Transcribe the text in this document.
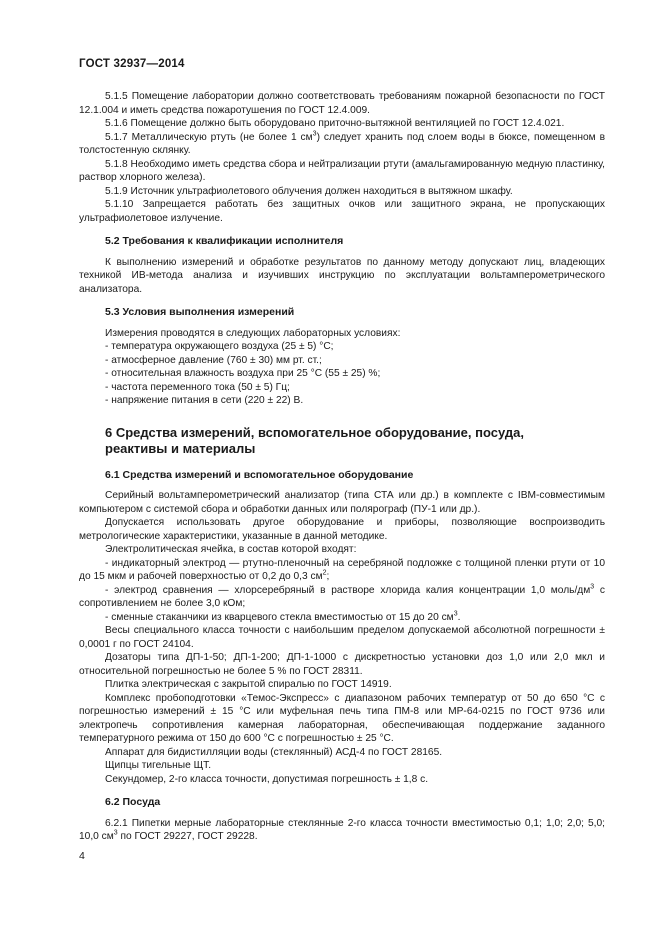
ГОСТ 32937—2014

5.1.5 Помещение лаборатории должно соответствовать требованиям пожарной безопасности по ГОСТ 12.1.004 и иметь средства пожаротушения по ГОСТ 12.4.009.

5.1.6 Помещение должно быть оборудовано приточно-вытяжной вентиляцией по ГОСТ 12.4.021.

5.1.7 Металлическую ртуть (не более 1 $см^3$) следует хранить под слоем воды в бюксе, помещенном в толстостенную склянку.

5.1.8 Необходимо иметь средства сбора и нейтрализации ртути (амальгамированную медную пластинку, раствор хлорного железа).

5.1.9 Источник ультрафиолетового облучения должен находиться в вытяжном шкафу.

5.1.10 Запрещается работать без защитных очков или защитного экрана, не пропускающих ультрафиолетовое излучение.

5.2 Требования к квалификации исполнителя

К выполнению измерений и обработке результатов по данному методу допускают лиц, владеющих техникой ИВ-метода анализа и изучивших инструкцию по эксплуатации вольтамперометрического анализатора.

5.3 Условия выполнения измерений

Измерения проводятся в следующих лабораторных условиях:

- температура окружающего воздуха (25 ± 5) °С;

- атмосферное давление (760 ± 30) мм рт. ст.;

- относительная влажность воздуха при 25 °С (55 ± 25) %;

- частота переменного тока (50 ± 5) Гц;

- напряжение питания в сети (220 ± 22) В.

6 Средства измерений, вспомогательное оборудование, посуда,
реактивы и материалы

6.1 Средства измерений и вспомогательное оборудование

Серийный вольтамперометрический анализатор (типа СТА или др.) в комплекте с IBM-совместимым компьютером с системой сбора и обработки данных или полярограф (ПУ-1 или др.).

Допускается использовать другое оборудование и приборы, позволяющие воспроизводить метрологические характеристики, указанные в данной методике.

Электролитическая ячейка, в состав которой входят:

- индикаторный электрод — ртутно-пленочный на серебряной подложке с толщиной пленки ртути от 10 до 15 мкм и рабочей поверхностью от 0,2 до 0,3 $см^2$;

- электрод сравнения — хлорсеребряный в растворе хлорида калия концентрации 1,0 моль/$дм^3$ с сопротивлением не более 3,0 кОм;

- сменные стаканчики из кварцевого стекла вместимостью от 15 до 20 $см^3$.

Весы специального класса точности с наибольшим пределом допускаемой абсолютной погрешности ± 0,0001 г по ГОСТ 24104.

Дозаторы типа ДП-1-50; ДП-1-200; ДП-1-1000 с дискретностью установки доз 1,0 или 2,0 мкл и относительной погрешностью не более 5 % по ГОСТ 28311.

Плитка электрическая с закрытой спиралью по ГОСТ 14919.

Комплекс пробоподготовки «Темос-Экспресс» с диапазоном рабочих температур от 50 до 650 °С с погрешностью измерений ± 15 °С или муфельная печь типа ПМ-8 или МР-64-0215 по ГОСТ 9736 или электропечь сопротивления камерная лабораторная, обеспечивающая поддержание заданного температурного режима от 150 до 600 °С с погрешностью ± 25 °С.

Аппарат для бидистилляции воды (стеклянный) АСД-4 по ГОСТ 28165.

Щипцы тигельные ЩТ.

Секундомер, 2-го класса точности, допустимая погрешность ± 1,8 с.

6.2 Посуда

6.2.1 Пипетки мерные лабораторные стеклянные 2-го класса точности вместимостью 0,1; 1,0; 2,0; 5,0; 10,0 $см^3$ по ГОСТ 29227, ГОСТ 29228.

4
